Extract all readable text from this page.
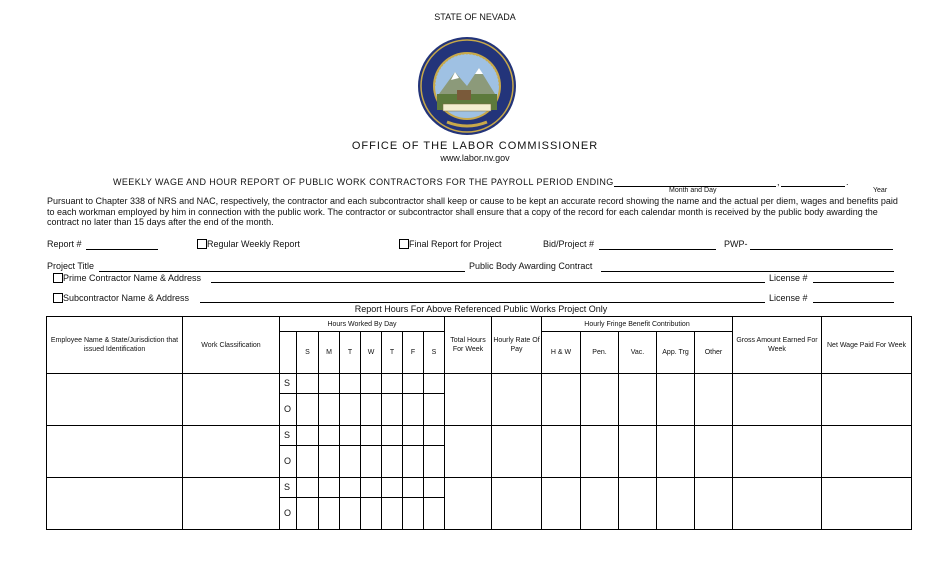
STATE OF NEVADA
OFFICE OF THE LABOR COMMISSIONER
www.labor.nv.gov
WEEKLY WAGE AND HOUR REPORT OF PUBLIC WORK CONTRACTORS FOR THE PAYROLL PERIOD ENDING	,	.
Month and Day	Year
Pursuant to Chapter 338 of NRS and NAC, respectively, the contractor and each subcontractor shall keep or cause to be kept an accurate record showing the name and the actual per diem, wages and benefits paid to each workman employed by him in connection with the public work. The contractor or subcontractor shall ensure that a copy of the record for each calendar month is received by the public body awarding the contract no later than 15 days after the end of the month.
Report #	Regular Weekly Report	Final Report for Project	Bid/Project #	PWP-
Project Title	Public Body Awarding Contract
Prime Contractor Name & Address	License #
Subcontractor Name & Address	License #
Report Hours For Above Referenced Public Works Project Only
Employee Name & State/Jurisdiction that issued Identification	Work Classification	Hours Worked By Day								Total Hours For Week	Hourly Rate Of Pay	Hourly Fringe Benefit Contribution					Gross Amount Earned For Week	Net Wage Paid For Week
			S	M	T	W	T	F	S			H & W	Pen.	Vac.	App. Trg	Other		
		S																
		O																
		S																
		O																
		S																
		O																
